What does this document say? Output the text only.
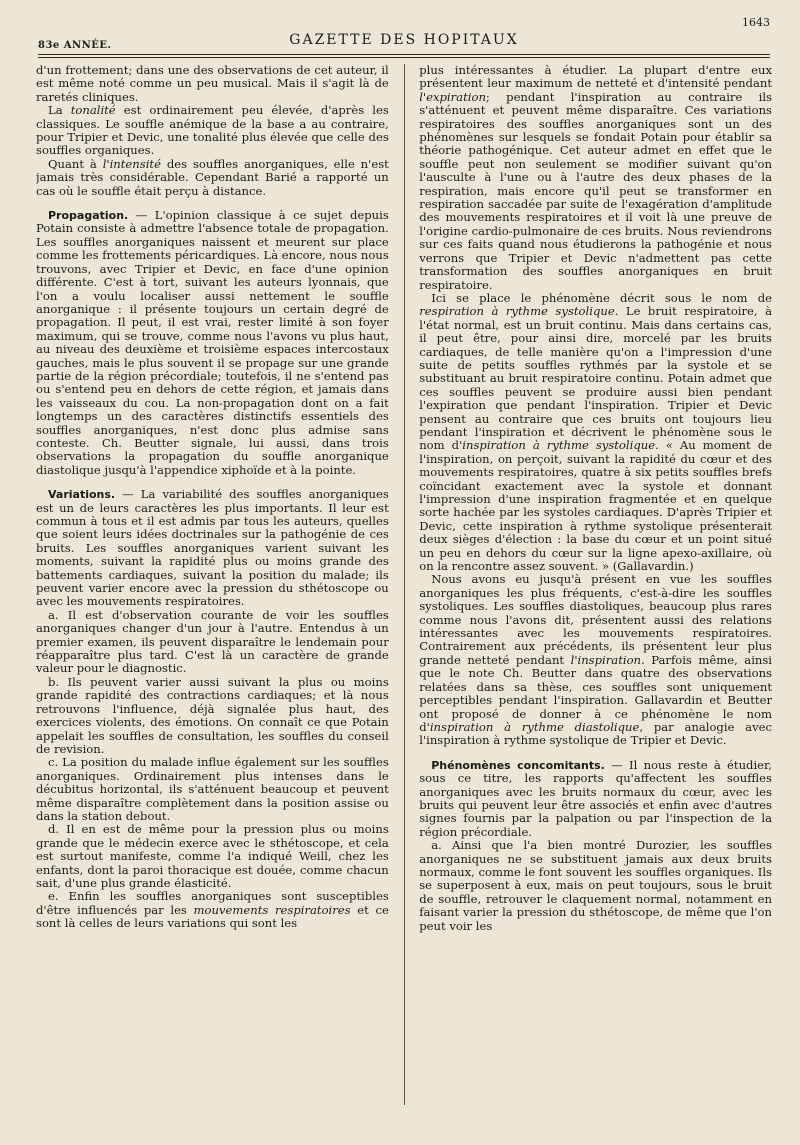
83e ANNÉE.	GAZETTE DES HOPITAUX
1643

d'un frottement; dans une des observations de cet auteur, il est même noté comme un peu musical. Mais il s'agit là de raretés cliniques.

La tonalité est ordinairement peu élevée, d'après les classiques. Le souffle anémique de la base a au contraire, pour Tripier et Devic, une tonalité plus élevée que celle des souffles organiques.

Quant à l'intensité des souffles anorganiques, elle n'est jamais très considérable. Cependant Barié a rapporté un cas où le souffle était perçu à distance.

Propagation. — L'opinion classique à ce sujet depuis Potain consiste à admettre l'absence totale de propagation. Les souffles anorganiques naissent et meurent sur place comme les frottements péricardiques. Là encore, nous nous trouvons, avec Tripier et Devic, en face d'une opinion différente. C'est à tort, suivant les auteurs lyonnais, que l'on a voulu localiser aussi nettement le souffle anorganique : il présente toujours un certain degré de propagation. Il peut, il est vrai, rester limité à son foyer maximum, qui se trouve, comme nous l'avons vu plus haut, au niveau des deuxième et troisième espaces intercostaux gauches, mais le plus souvent il se propage sur une grande partie de la région précordiale; toutefois, il ne s'entend pas ou s'entend peu en dehors de cette région, et jamais dans les vaisseaux du cou. La non-propagation dont on a fait longtemps un des caractères distinctifs essentiels des souffles anorganiques, n'est donc plus admise sans conteste. Ch. Beutter signale, lui aussi, dans trois observations la propagation du souffle anorganique diastolique jusqu'à l'appendice xiphoïde et à la pointe.

Variations. — La variabilité des souffles anorganiques est un de leurs caractères les plus importants. Il leur est commun à tous et il est admis par tous les auteurs, quelles que soient leurs idées doctrinales sur la pathogénie de ces bruits. Les souffles anorganiques varient suivant les moments, suivant la rapidité plus ou moins grande des battements cardiaques, suivant la position du malade; ils peuvent varier encore avec la pression du sthétoscope ou avec les mouvements respiratoires.

a. Il est d'observation courante de voir les souffles anorganiques changer d'un jour à l'autre. Entendus à un premier examen, ils peuvent disparaître le lendemain pour réapparaître plus tard. C'est là un caractère de grande valeur pour le diagnostic.

b. Ils peuvent varier aussi suivant la plus ou moins grande rapidité des contractions cardiaques; et là nous retrouvons l'influence, déjà signalée plus haut, des exercices violents, des émotions. On connaît ce que Potain appelait les souffles de consultation, les souffles du conseil de revision.

c. La position du malade influe également sur les souffles anorganiques. Ordinairement plus intenses dans le décubitus horizontal, ils s'atténuent beaucoup et peuvent même disparaître complètement dans la position assise ou dans la station debout.

d. Il en est de même pour la pression plus ou moins grande que le médecin exerce avec le sthétoscope, et cela est surtout manifeste, comme l'a indiqué Weill, chez les enfants, dont la paroi thoracique est douée, comme chacun sait, d'une plus grande élasticité.

e. Enfin les souffles anorganiques sont susceptibles d'être influencés par les mouvements respiratoires et ce sont là celles de leurs variations qui sont les

plus intéressantes à étudier. La plupart d'entre eux présentent leur maximum de netteté et d'intensité pendant l'expiration; pendant l'inspiration au contraire ils s'atténuent et peuvent même disparaître. Ces variations respiratoires des souffles anorganiques sont un des phénomènes sur lesquels se fondait Potain pour établir sa théorie pathogénique. Cet auteur admet en effet que le souffle peut non seulement se modifier suivant qu'on l'ausculte à l'une ou à l'autre des deux phases de la respiration, mais encore qu'il peut se transformer en respiration saccadée par suite de l'exagération d'amplitude des mouvements respiratoires et il voit là une preuve de l'origine cardio-pulmonaire de ces bruits. Nous reviendrons sur ces faits quand nous étudierons la pathogénie et nous verrons que Tripier et Devic n'admettent pas cette transformation des souffles anorganiques en bruit respiratoire.

Ici se place le phénomène décrit sous le nom de respiration à rythme systolique. Le bruit respiratoire, à l'état normal, est un bruit continu. Mais dans certains cas, il peut être, pour ainsi dire, morcelé par les bruits cardiaques, de telle manière qu'on a l'impression d'une suite de petits souffles rythmés par la systole et se substituant au bruit respiratoire continu. Potain admet que ces souffles peuvent se produire aussi bien pendant l'expiration que pendant l'inspiration. Tripier et Devic pensent au contraire que ces bruits ont toujours lieu pendant l'inspiration et décrivent le phénomène sous le nom d'inspiration à rythme systolique. « Au moment de l'inspiration, on perçoit, suivant la rapidité du cœur et des mouvements respiratoires, quatre à six petits souffles brefs coïncidant exactement avec la systole et donnant l'impression d'une inspiration fragmentée et en quelque sorte hachée par les systoles cardiaques. D'après Tripier et Devic, cette inspiration à rythme systolique présenterait deux sièges d'élection : la base du cœur et un point situé un peu en dehors du cœur sur la ligne apexo-axillaire, où on la rencontre assez souvent. » (Gallavardin.)

Nous avons eu jusqu'à présent en vue les souffles anorganiques les plus fréquents, c'est-à-dire les souffles systoliques. Les souffles diastoliques, beaucoup plus rares comme nous l'avons dit, présentent aussi des relations intéressantes avec les mouvements respiratoires. Contrairement aux précédents, ils présentent leur plus grande netteté pendant l'inspiration. Parfois même, ainsi que le note Ch. Beutter dans quatre des observations relatées dans sa thèse, ces souffles sont uniquement perceptibles pendant l'inspiration. Gallavardin et Beutter ont proposé de donner à ce phénomène le nom d'inspiration à rythme diastolique, par analogie avec l'inspiration à rythme systolique de Tripier et Devic.

Phénomènes concomitants. — Il nous reste à étudier, sous ce titre, les rapports qu'affectent les souffles anorganiques avec les bruits normaux du cœur, avec les bruits qui peuvent leur être associés et enfin avec d'autres signes fournis par la palpation ou par l'inspection de la région précordiale.

a. Ainsi que l'a bien montré Durozier, les souffles anorganiques ne se substituent jamais aux deux bruits normaux, comme le font souvent les souffles organiques. Ils se superposent à eux, mais on peut toujours, sous le bruit de souffle, retrouver le claquement normal, notamment en faisant varier la pression du sthétoscope, de même que l'on peut voir les
